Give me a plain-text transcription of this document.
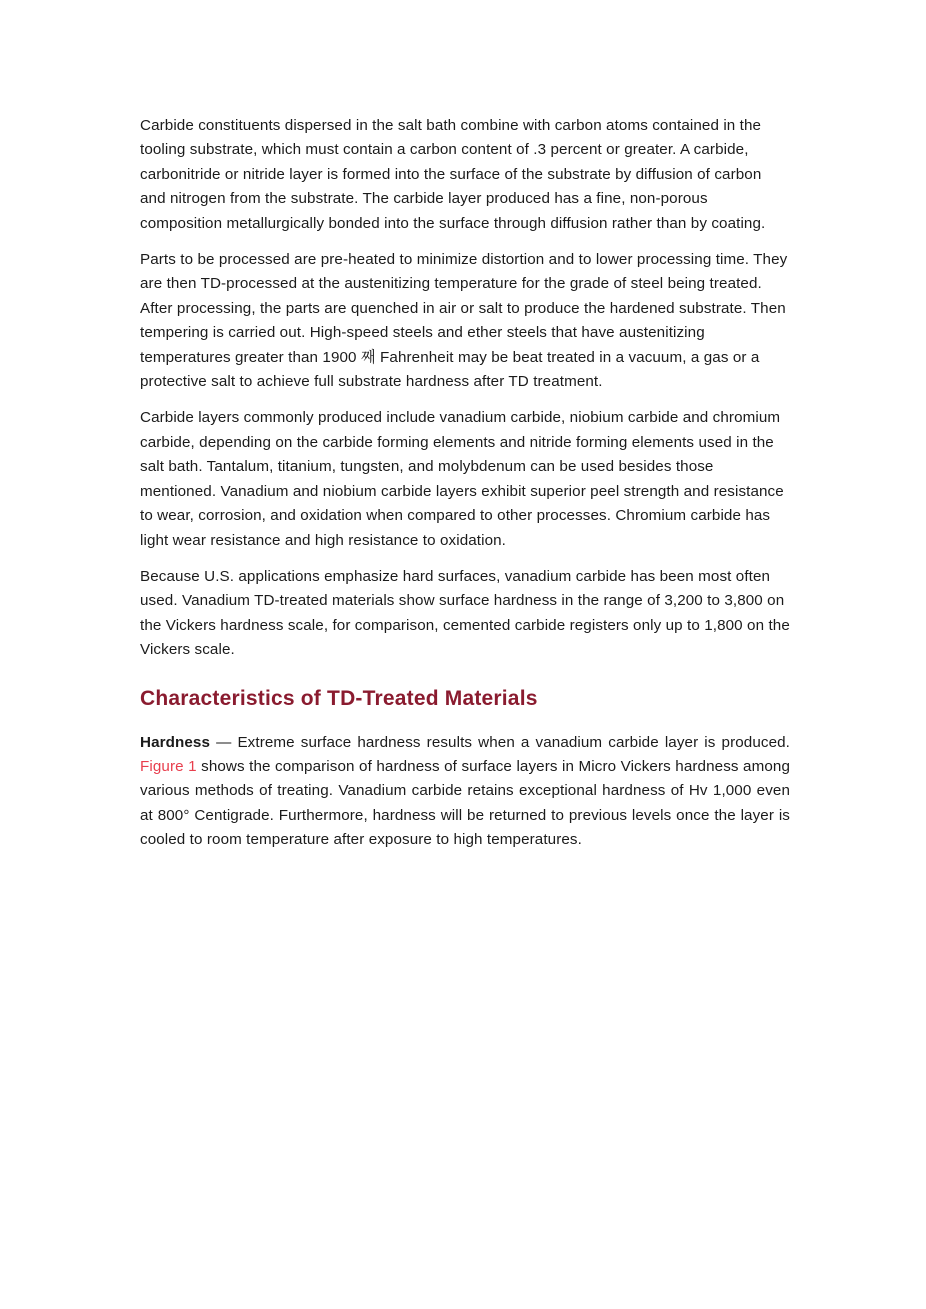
Carbide constituents dispersed in the salt bath combine with carbon atoms contained in the tooling substrate, which must contain a carbon content of .3 percent or greater. A carbide, carbonitride or nitride layer is formed into the surface of the substrate by diffusion of carbon and nitrogen from the substrate. The carbide layer produced has a fine, non-porous composition metallurgically bonded into the surface through diffusion rather than by coating.

Parts to be processed are pre-heated to minimize distortion and to lower processing time. They are then TD-processed at the austenitizing temperature for the grade of steel being treated. After processing, the parts are quenched in air or salt to produce the hardened substrate. Then tempering is carried out. High-speed steels and ether steels that have austenitizing temperatures greater than 1900 째 Fahrenheit may be beat treated in a vacuum, a gas or a protective salt to achieve full substrate hardness after TD treatment.

Carbide layers commonly produced include vanadium carbide, niobium carbide and chromium carbide, depending on the carbide forming elements and nitride forming elements used in the salt bath. Tantalum, titanium, tungsten, and molybdenum can be used besides those mentioned. Vanadium and niobium carbide layers exhibit superior peel strength and resistance to wear, corrosion, and oxidation when compared to other processes. Chromium carbide has light wear resistance and high resistance to oxidation.

Because U.S. applications emphasize hard surfaces, vanadium carbide has been most often used. Vanadium TD-treated materials show surface hardness in the range of 3,200 to 3,800 on the Vickers hardness scale, for comparison, cemented carbide registers only up to 1,800 on the Vickers scale.

Characteristics of TD-Treated Materials

Hardness — Extreme surface hardness results when a vanadium carbide layer is produced. Figure 1 shows the comparison of hardness of surface layers in Micro Vickers hardness among various methods of treating. Vanadium carbide retains exceptional hardness of Hv 1,000 even at 800° Centigrade. Furthermore, hardness will be returned to previous levels once the layer is cooled to room temperature after exposure to high temperatures.
